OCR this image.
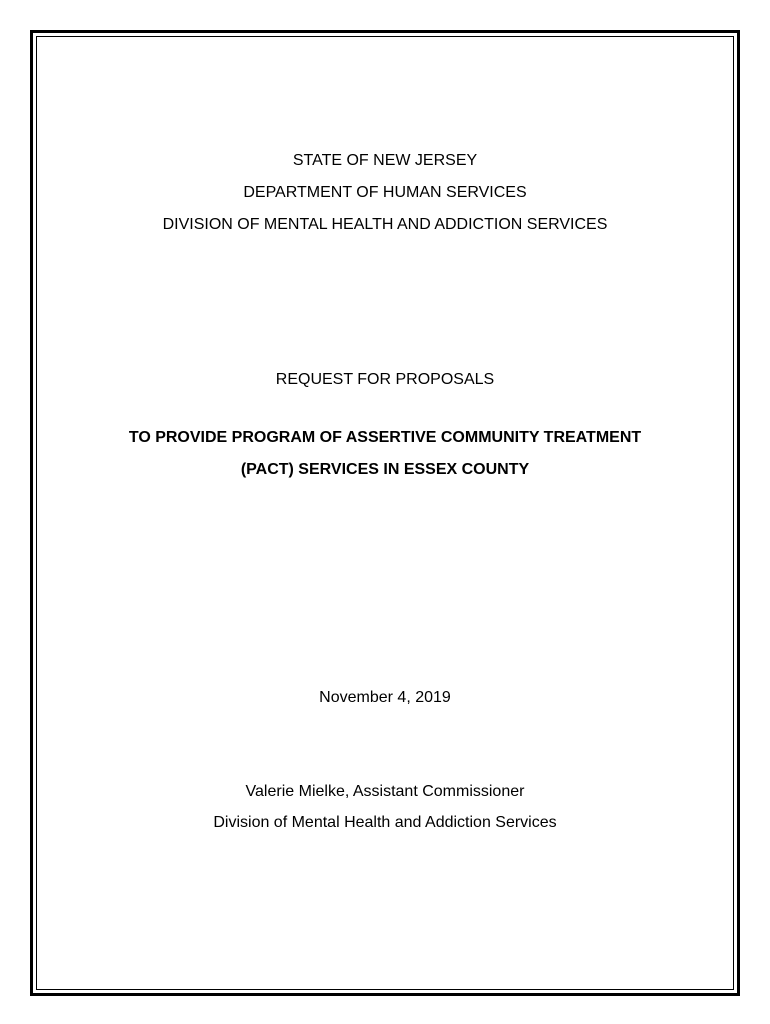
STATE OF NEW JERSEY
DEPARTMENT OF HUMAN SERVICES
DIVISION OF MENTAL HEALTH AND ADDICTION SERVICES
REQUEST FOR PROPOSALS
TO PROVIDE PROGRAM OF ASSERTIVE COMMUNITY TREATMENT
(PACT) SERVICES IN ESSEX COUNTY
November 4, 2019
Valerie Mielke, Assistant Commissioner
Division of Mental Health and Addiction Services
